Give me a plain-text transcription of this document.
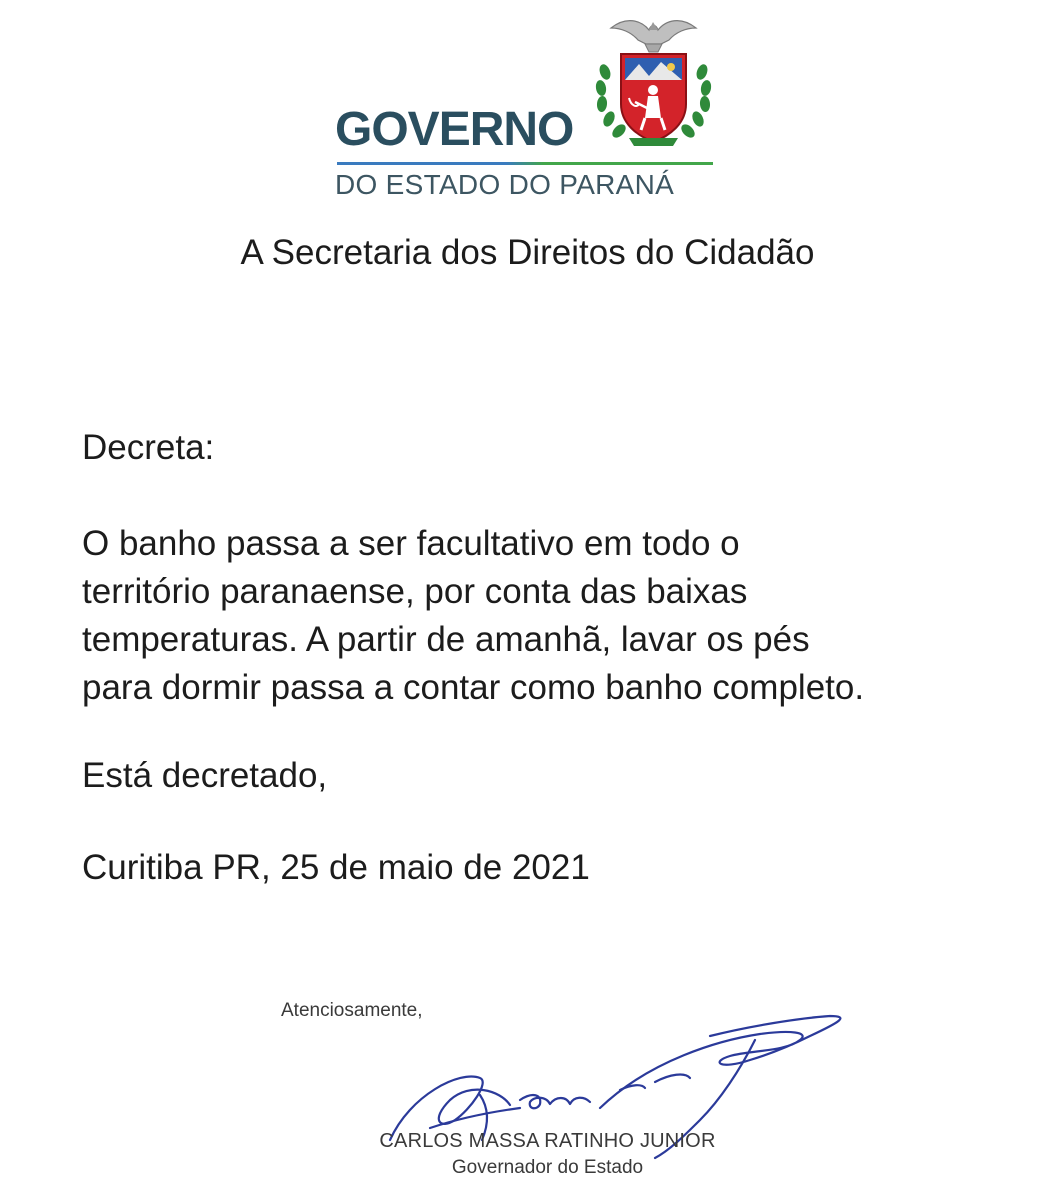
GOVERNO
DO ESTADO DO PARANÁ
A Secretaria dos Direitos do Cidadão
Decreta:
O banho passa a ser facultativo em todo o
território paranaense, por conta das baixas
temperaturas. A partir de amanhã, lavar os pés
para dormir passa a contar como banho completo.
Está decretado,
Curitiba PR, 25 de maio de 2021
Atenciosamente,
CARLOS MASSA RATINHO JUNIOR
Governador do Estado
